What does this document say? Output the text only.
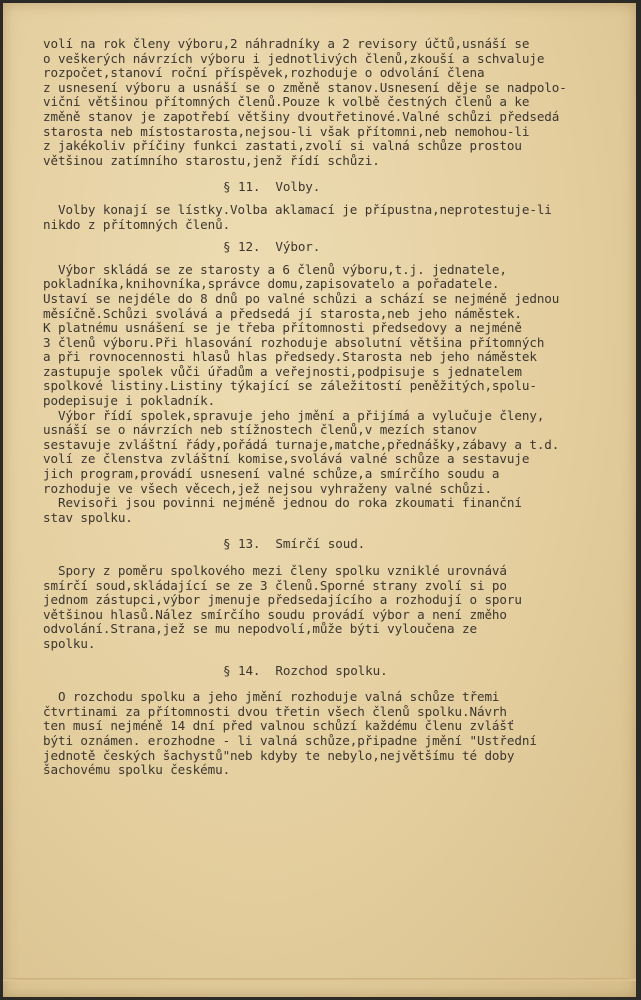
volí na rok členy výboru,2 náhradníky a 2 revisory účtů,usnáší se
o veškerých návrzích výboru i jednotlivých členů,zkouší a schvaluje
rozpočet,stanoví roční příspěvek,rozhoduje o odvolání člena
z usnesení výboru a usnáší se o změně stanov.Usnesení děje se nadpolo-
viční většinou přítomných členů.Pouze k volbě čestných členů a ke
změně stanov je zapotřebí většiny dvoutřetinové.Valné schůzi předsedá
starosta neb místostarosta,nejsou-li však přítomni,neb nemohou-li
z jakékoliv příčiny funkci zastati,zvolí si valná schůze prostou
většinou zatímního starostu,jenž řídí schůzi.
§ 11.  Volby.
Volby konají se lístky.Volba aklamací je přípustna,neprotestuje-li
nikdo z přítomných členů.
§ 12.  Výbor.
Výbor skládá se ze starosty a 6 členů výboru,t.j. jednatele,
pokladníka,knihovníka,správce domu,zapisovatelo a pořadatele.
Ustaví se nejdéle do 8 dnů po valné schůzi a schází se nejméně jednou
měsíčně.Schůzi svolává a předsedá jí starosta,neb jeho náměstek.
K platnému usnášení se je třeba přítomnosti předsedovy a nejméně
3 členů výboru.Při hlasování rozhoduje absolutní většina přítomných
a při rovnocennosti hlasů hlas předsedy.Starosta neb jeho náměstek
zastupuje spolek vůči úřadům a veřejnosti,podpisuje s jednatelem
spolkové listiny.Listiny týkající se záležitostí peněžitých,spolu-
podepisuje i pokladník.
Výbor řídí spolek,spravuje jeho jmění a přijímá a vylučuje členy,
usnáší se o návrzích neb stížnostech členů,v mezích stanov
sestavuje zvláštní řády,pořádá turnaje,matche,přednášky,zábavy a t.d.
volí ze členstva zvláštní komise,svolává valné schůze a sestavuje
jich program,provádí usnesení valné schůze,a smírčího soudu a
rozhoduje ve všech věcech,jež nejsou vyhraženy valné schůzi.
Revisoři jsou povinni nejméně jednou do roka zkoumati finanční
stav spolku.
§ 13.  Smírčí soud.
Spory z poměru spolkového mezi členy spolku vzniklé urovnává
smírčí soud,skládající se ze 3 členů.Sporné strany zvolí si po
jednom zástupci,výbor jmenuje předsedajícího a rozhodují o sporu
většinou hlasů.Nález smírčího soudu provádí výbor a není změho
odvolání.Strana,jež se mu nepodvolí,může býti vyloučena ze
spolku.
§ 14.  Rozchod spolku.
O rozchodu spolku a jeho jmění rozhoduje valná schůze třemi
čtvrtinami za přítomnosti dvou třetin všech členů spolku.Návrh
ten musí nejméně 14 dní před valnou schůzí každému členu zvlášť
býti oznámen. erozhodne - li valná schůze,připadne jmění "Ustřední
jednotě českých šachystů"neb kdyby te nebylo,největšímu té doby
šachovému spolku českému.
